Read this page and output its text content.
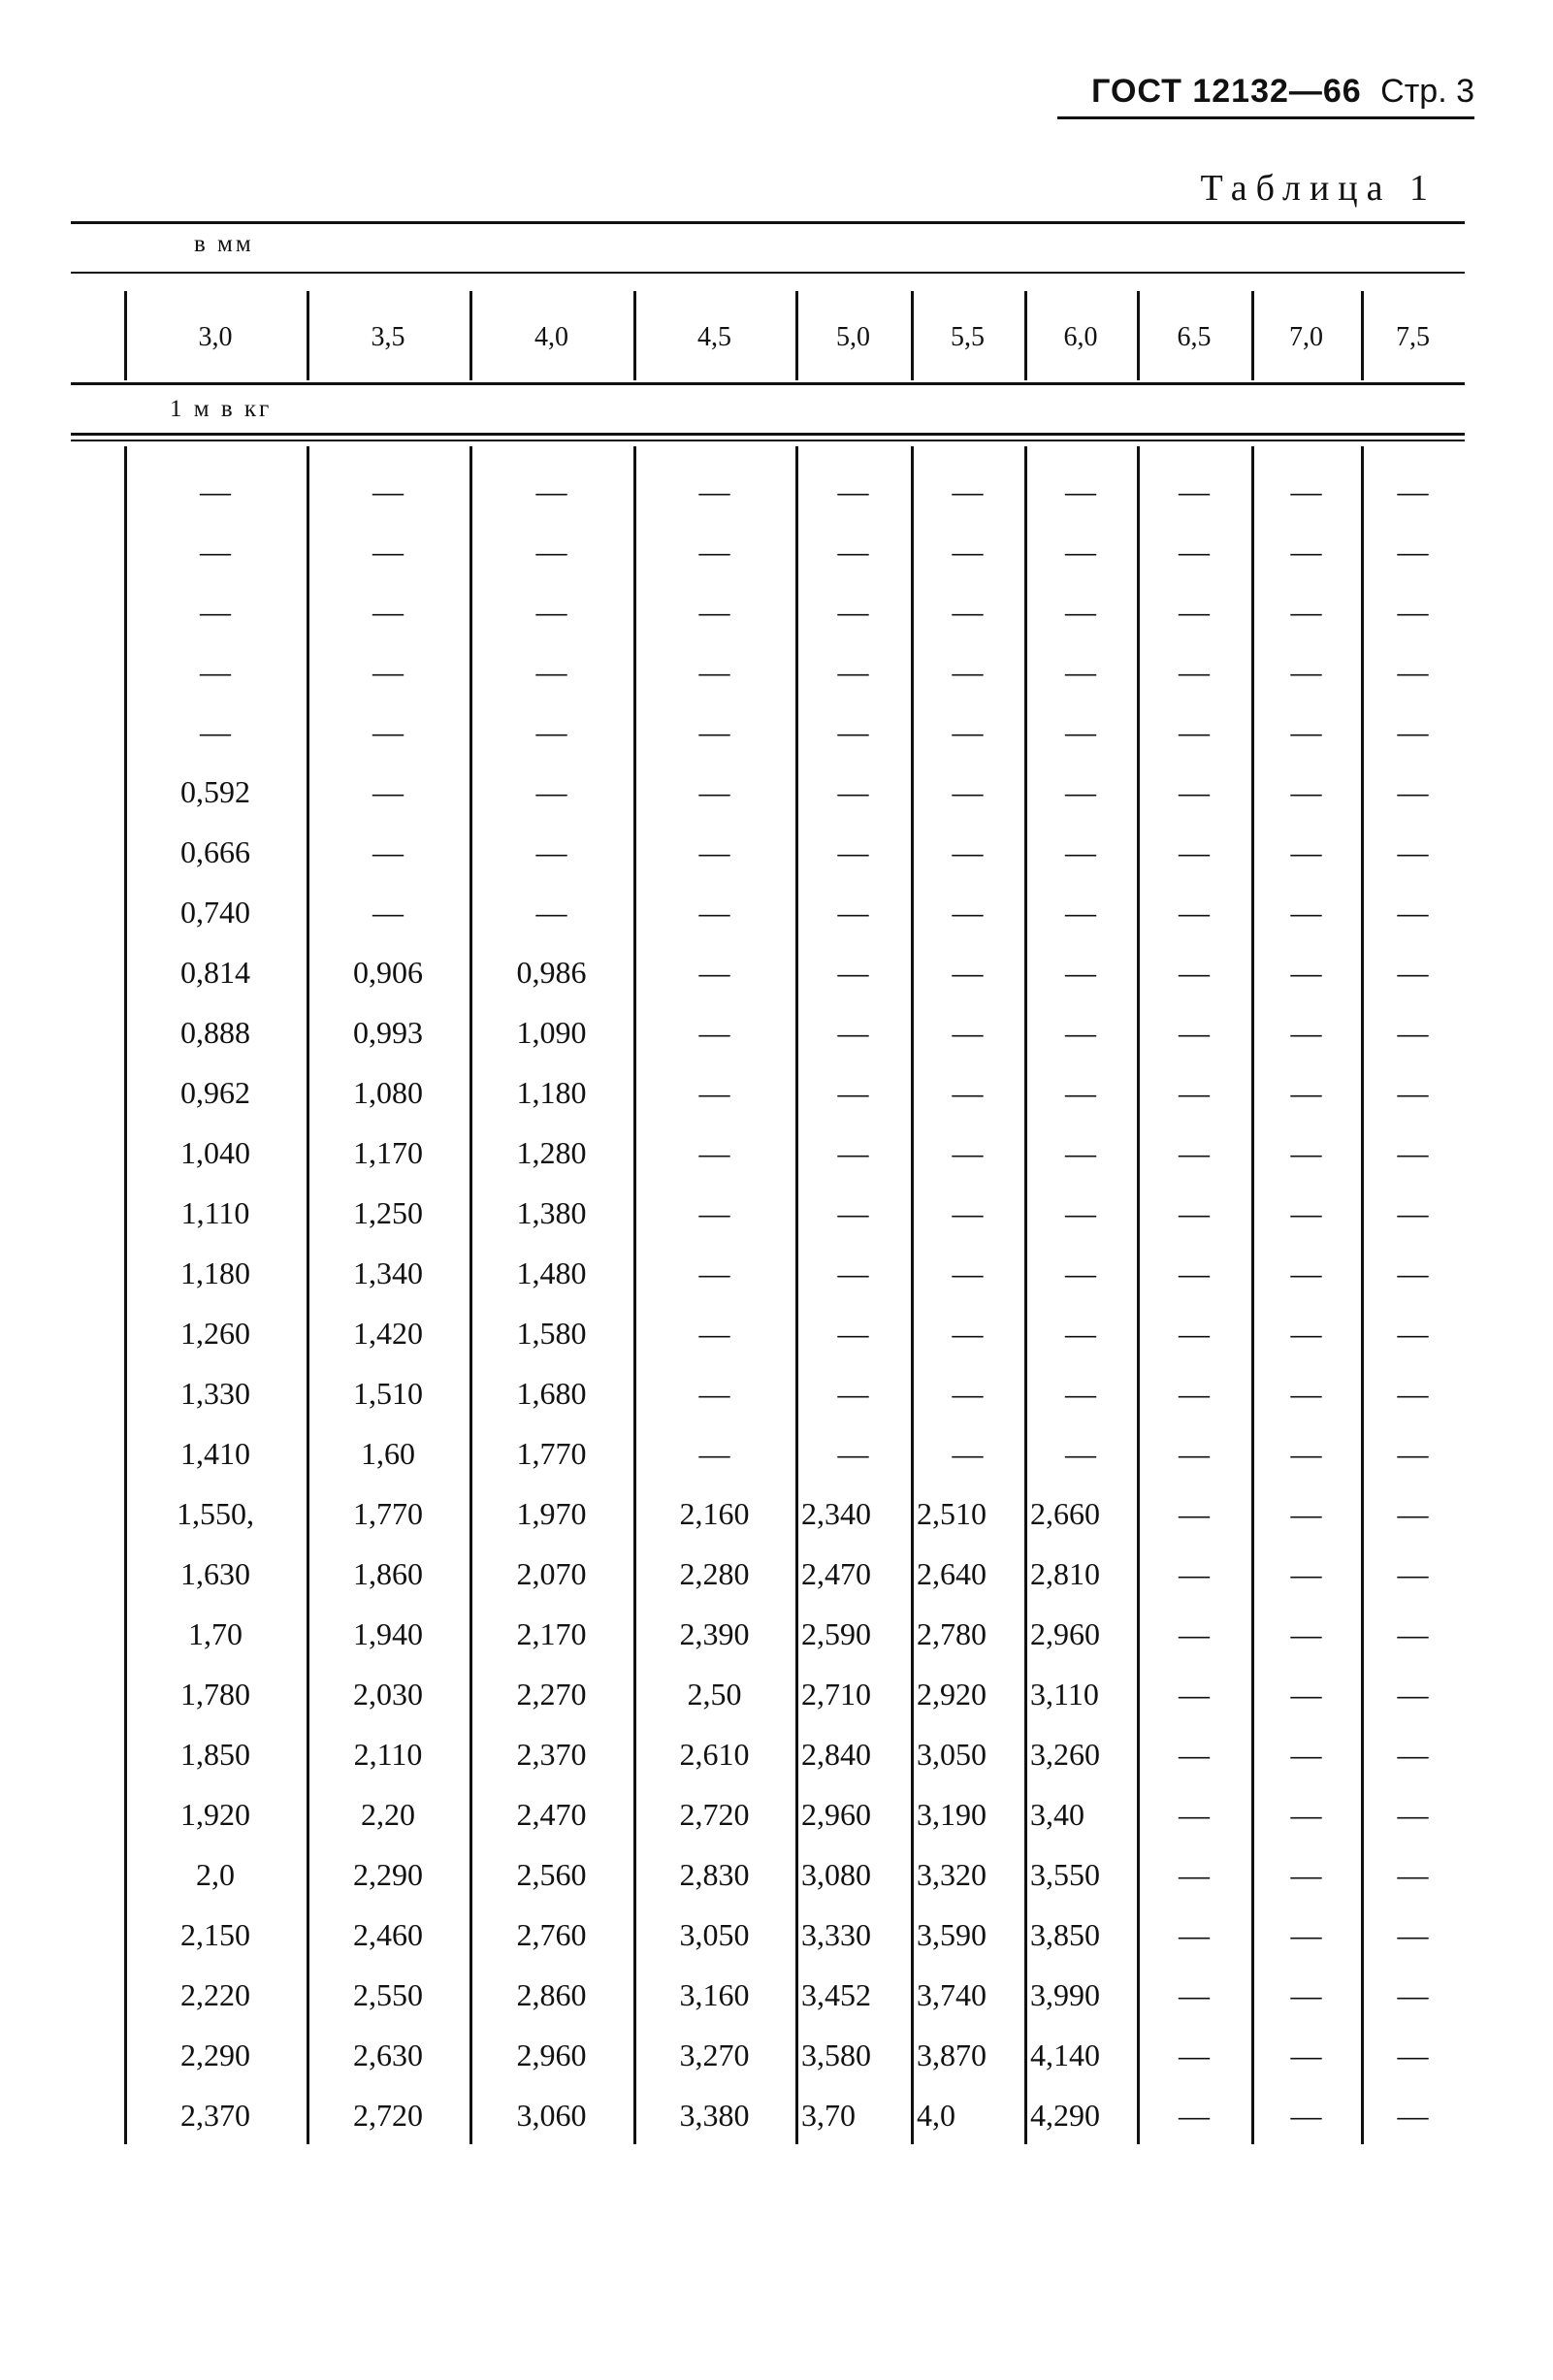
ГОСТ 12132—66 Стр. 3
Таблица 1
в мм
3,0	3,5	4,0	4,5	5,0	5,5	6,0	6,5	7,0	7,5
—	—	—	—	—	—	—	—	—	—
—	—	—	—	—	—	—	—	—	—
—	—	—	—	—	—	—	—	—	—
—	—	—	—	—	—	—	—	—	—
—	—	—	—	—	—	—	—	—	—
0,592	—	—	—	—	—	—	—	—	—
0,666	—	—	—	—	—	—	—	—	—
0,740	—	—	—	—	—	—	—	—	—
0,814	0,906	0,986	—	—	—	—	—	—	—
0,888	0,993	1,090	—	—	—	—	—	—	—
0,962	1,080	1,180	—	—	—	—	—	—	—
1,040	1,170	1,280	—	—	—	—	—	—	—
1,110	1,250	1,380	—	—	—	—	—	—	—
1,180	1,340	1,480	—	—	—	—	—	—	—
1,260	1,420	1,580	—	—	—	—	—	—	—
1,330	1,510	1,680	—	—	—	—	—	—	—
1,410	1,60	1,770	—	—	—	—	—	—	—
1,550,	1,770	1,970	2,160	2,340	2,510	2,660	—	—	—
1,630	1,860	2,070	2,280	2,470	2,640	2,810	—	—	—
1,70	1,940	2,170	2,390	2,590	2,780	2,960	—	—	—
1,780	2,030	2,270	2,50	2,710	2,920	3,110	—	—	—
1,850	2,110	2,370	2,610	2,840	3,050	3,260	—	—	—
1,920	2,20	2,470	2,720	2,960	3,190	3,40	—	—	—
2,0	2,290	2,560	2,830	3,080	3,320	3,550	—	—	—
2,150	2,460	2,760	3,050	3,330	3,590	3,850	—	—	—
2,220	2,550	2,860	3,160	3,452	3,740	3,990	—	—	—
2,290	2,630	2,960	3,270	3,580	3,870	4,140	—	—	—
2,370	2,720	3,060	3,380	3,70	4,0	4,290	—	—	—
1 м в кг
